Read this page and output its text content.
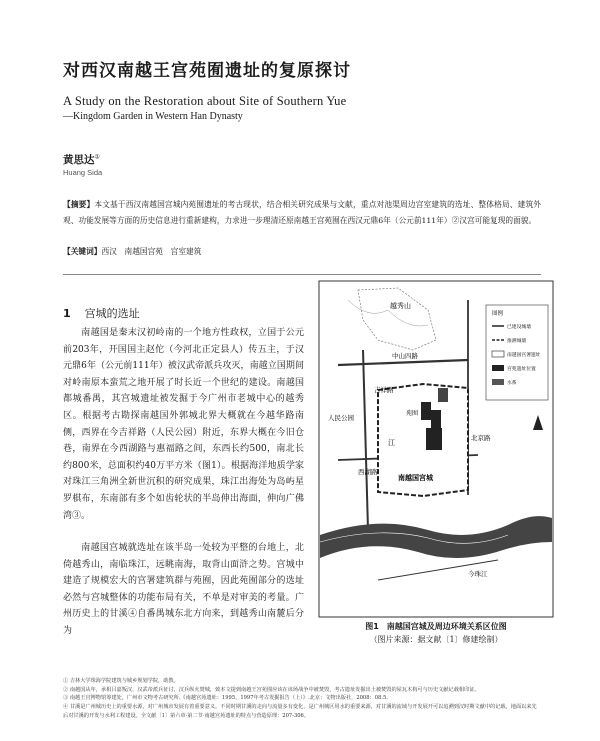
对西汉南越王宫苑囿遗址的复原探讨
A Study on the Restoration about Site of Southern Yue
—Kingdom Garden in Western Han Dynasty
黄思达①
Huang Sida
【摘要】本文基于西汉南越国宫城内苑囿遗址的考古现状，结合相关研究成果与文献，重点对池渠周边宫室建筑的选址、整体格局、建筑外观、功能发展等方面的历史信息进行重新建构，力求进一步理清还原南越王宫苑囿在西汉元鼎6年（公元前111年）②汉宫可能复现的面貌。
【关键词】西汉　南越国宫苑　宫室建筑
1 宫城的选址
南越国是秦末汉初岭南的一个地方性政权，立国于公元前203年，开国国主赵佗（今河北正定县人）传五主，于汉元鼎6年（公元前111年）被汉武帝派兵攻灭，南越立国期间对岭南原本蛮荒之地开展了时长近一个世纪的建设。南越国都城番禺，其宫城遗址被发掘于今广州市老城中心的越秀区。根据考古勘探南越国外郭城北界大概就在今越华路南侧，西界在今吉祥路（人民公园）附近，东界大概在今旧仓巷，南界在今西湖路与惠福路之间，东西长约500，南北长约800米，总面积约40万平方米（图1）。根据海洋地质学家对珠江三角洲全新世沉积的研究成果，珠江出海处为岛屿星罗棋布，东南部有多个如齿轮状的半岛伸出海面，伸向广佛湾③。
南越国宫城就选址在该半岛一处较为平整的台地上，北倚越秀山，南临珠江，远眺南海，取背山面浒之势。宫城中建造了规模宏大的宫署建筑群与苑囿，因此苑囿部分的选址必然与宫城整体的功能布局有关，不单是对审美的考量。广州历史上的甘溪④自番禺城东北方向来，到越秀山南麓后分为
越秀山
中山四路
吉祥路
人民公园
北京路
南越国宫城
西湖路
今珠江
江
苑囿
图例
已建设城墙
推测城墙
南越国宫署遗址
宫苑遗址位置
水系
图1　南越国宫城及周边环境关系区位图
（图片来源：据文献〔1〕修建绘制）
① 吉林大学珠海学院建筑与城乡规划学院，助教。
② 南越国从年，承相吕嘉叛汉，汉武帝派兵征讨，汉兵纵火焚城，致本文提到南越王宫苑囿应该在该场战争中被焚毁，考古遗址发掘出土被焚毁的屋瓦木构可与历史文献记载相印证。
③ 南越王宫博物馆筹建处，广州市文物考古研究所.《南越宫苑遗址：1995、1997年考古发掘报告（上）》.北京：文物出版社，2008：08.5.
④ 甘溪是广州城历史上的重要水源，对广州城市发展有着重要意义。不同时期甘溪的走向与流量多有变化，是广州城区用水的重要来源，对甘溪的流域与开发展开可以追溯到汉时期文献中的记载，地面以来先后对甘溪的开发与水利工程建设。全文献〔1〕第六章·第二节·南越宫苑遗址的特点与营造原理：207-306。
